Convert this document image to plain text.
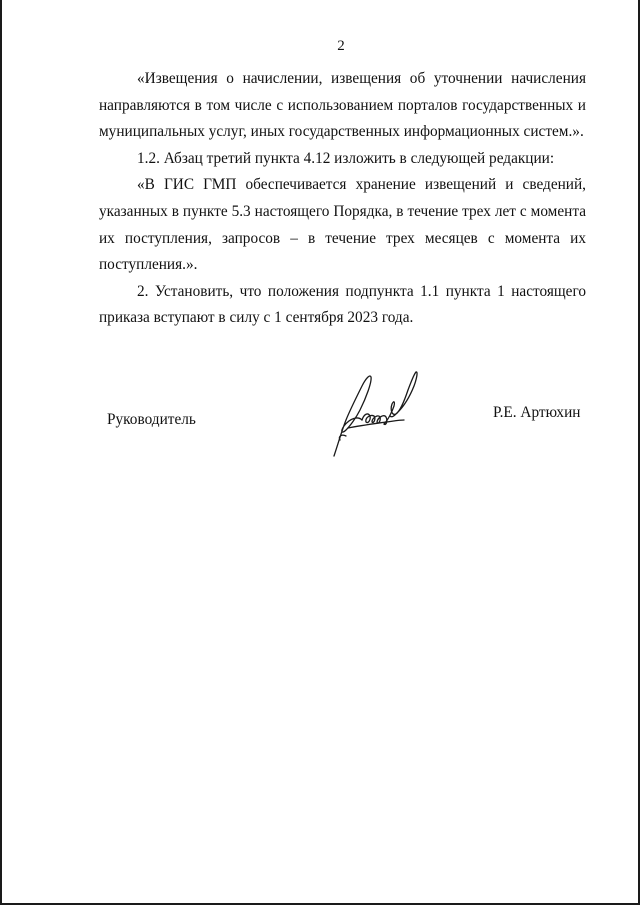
2

«Извещения о начислении, извещения об уточнении начисления направляются в том числе с использованием порталов государственных и муниципальных услуг, иных государственных информационных систем.».

1.2. Абзац третий пункта 4.12 изложить в следующей редакции:

«В ГИС ГМП обеспечивается хранение извещений и сведений, указанных в пункте 5.3 настоящего Порядка, в течение трех лет с момента их поступления, запросов – в течение трех месяцев с момента их поступления.».

2. Установить, что положения подпункта 1.1 пункта 1 настоящего приказа вступают в силу с 1 сентября 2023 года.

Руководитель	Р.Е. Артюхин
